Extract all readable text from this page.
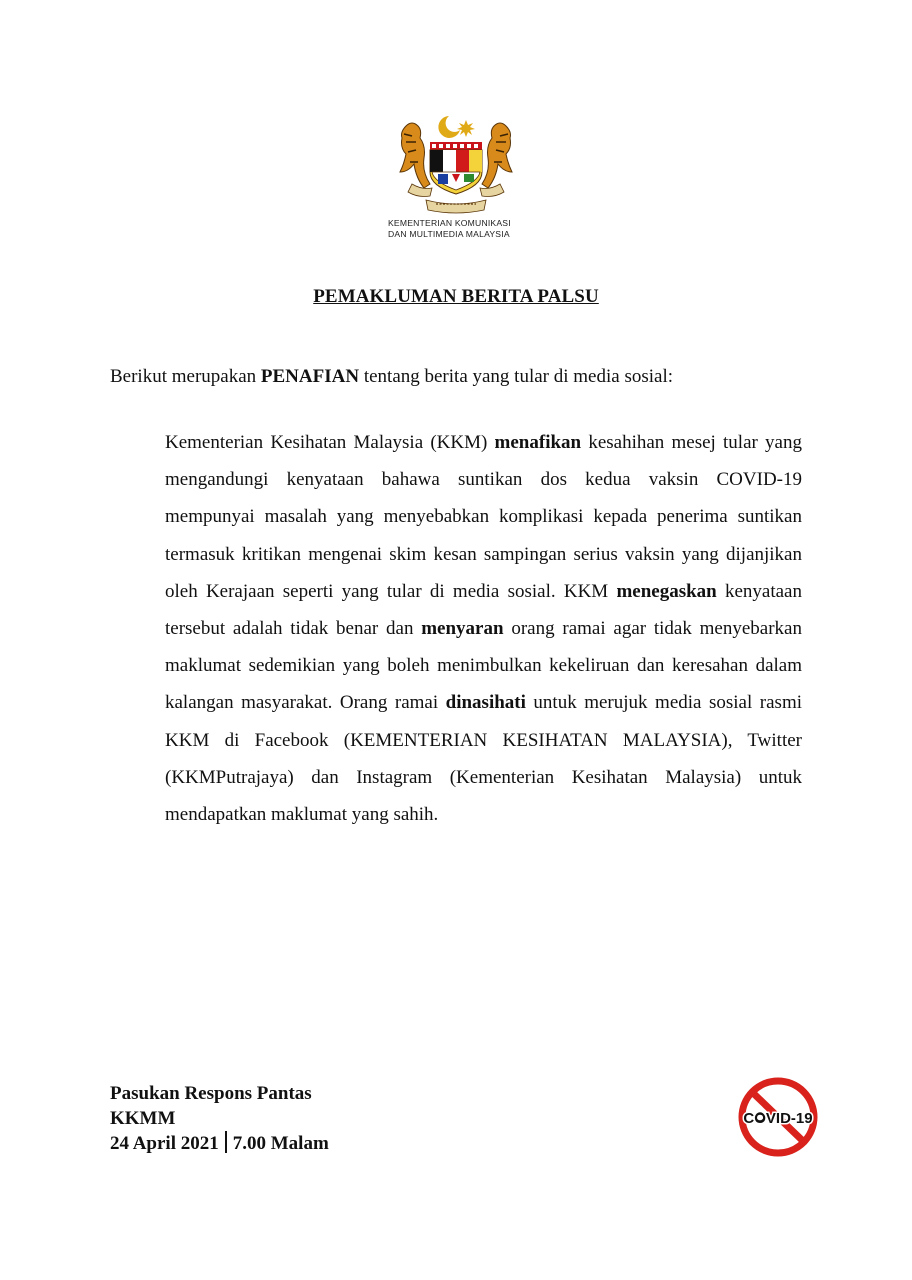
KEMENTERIAN KOMUNIKASI
DAN MULTIMEDIA MALAYSIA
PEMAKLUMAN BERITA PALSU
Berikut merupakan PENAFIAN tentang berita yang tular di media sosial:

Kementerian Kesihatan Malaysia (KKM) menafikan kesahihan mesej tular yang mengandungi kenyataan bahawa suntikan dos kedua vaksin COVID-19 mempunyai masalah yang menyebabkan komplikasi kepada penerima suntikan termasuk kritikan mengenai skim kesan sampingan serius vaksin yang dijanjikan oleh Kerajaan seperti yang tular di media sosial. KKM menegaskan kenyataan tersebut adalah tidak benar dan menyaran orang ramai agar tidak menyebarkan maklumat sedemikian yang boleh menimbulkan kekeliruan dan keresahan dalam kalangan masyarakat. Orang ramai dinasihati untuk merujuk media sosial rasmi KKM di Facebook (KEMENTERIAN KESIHATAN MALAYSIA), Twitter (KKMPutrajaya) dan Instagram (Kementerian Kesihatan Malaysia) untuk mendapatkan maklumat yang sahih.

Pasukan Respons Pantas
KKMM
24 April 2021 7.00 Malam
COVID-19
